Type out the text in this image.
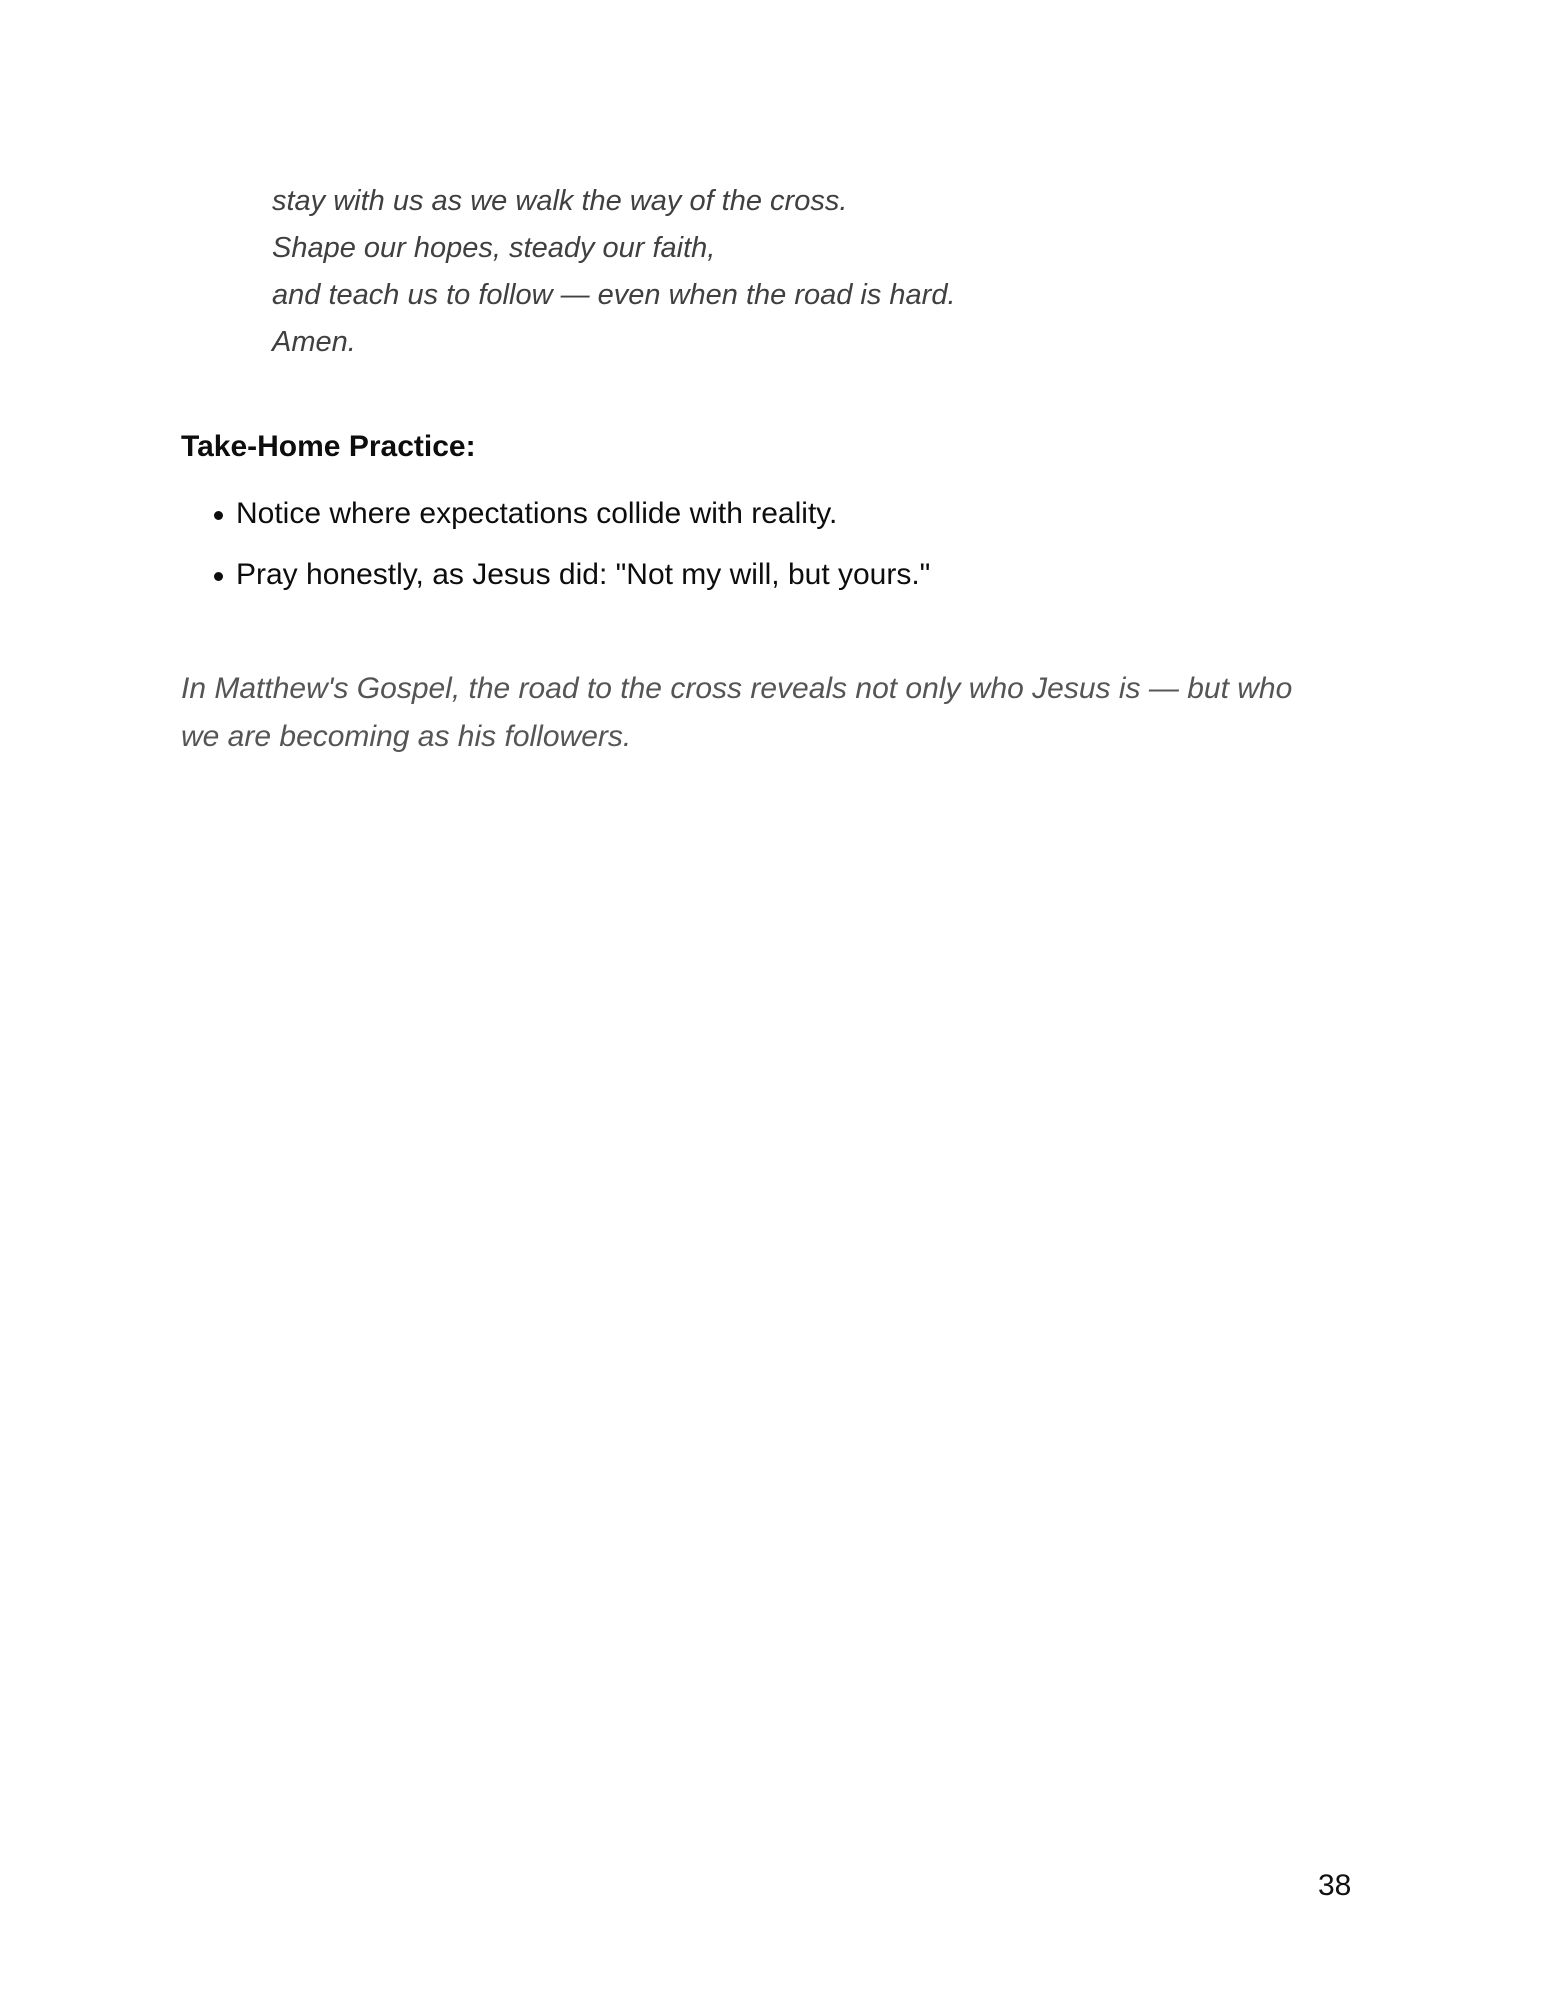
stay with us as we walk the way of the cross.
Shape our hopes, steady our faith,
and teach us to follow — even when the road is hard.
Amen.
Take-Home Practice:
Notice where expectations collide with reality.
Pray honestly, as Jesus did: "Not my will, but yours."
In Matthew's Gospel, the road to the cross reveals not only who Jesus is — but who we are becoming as his followers.
38
